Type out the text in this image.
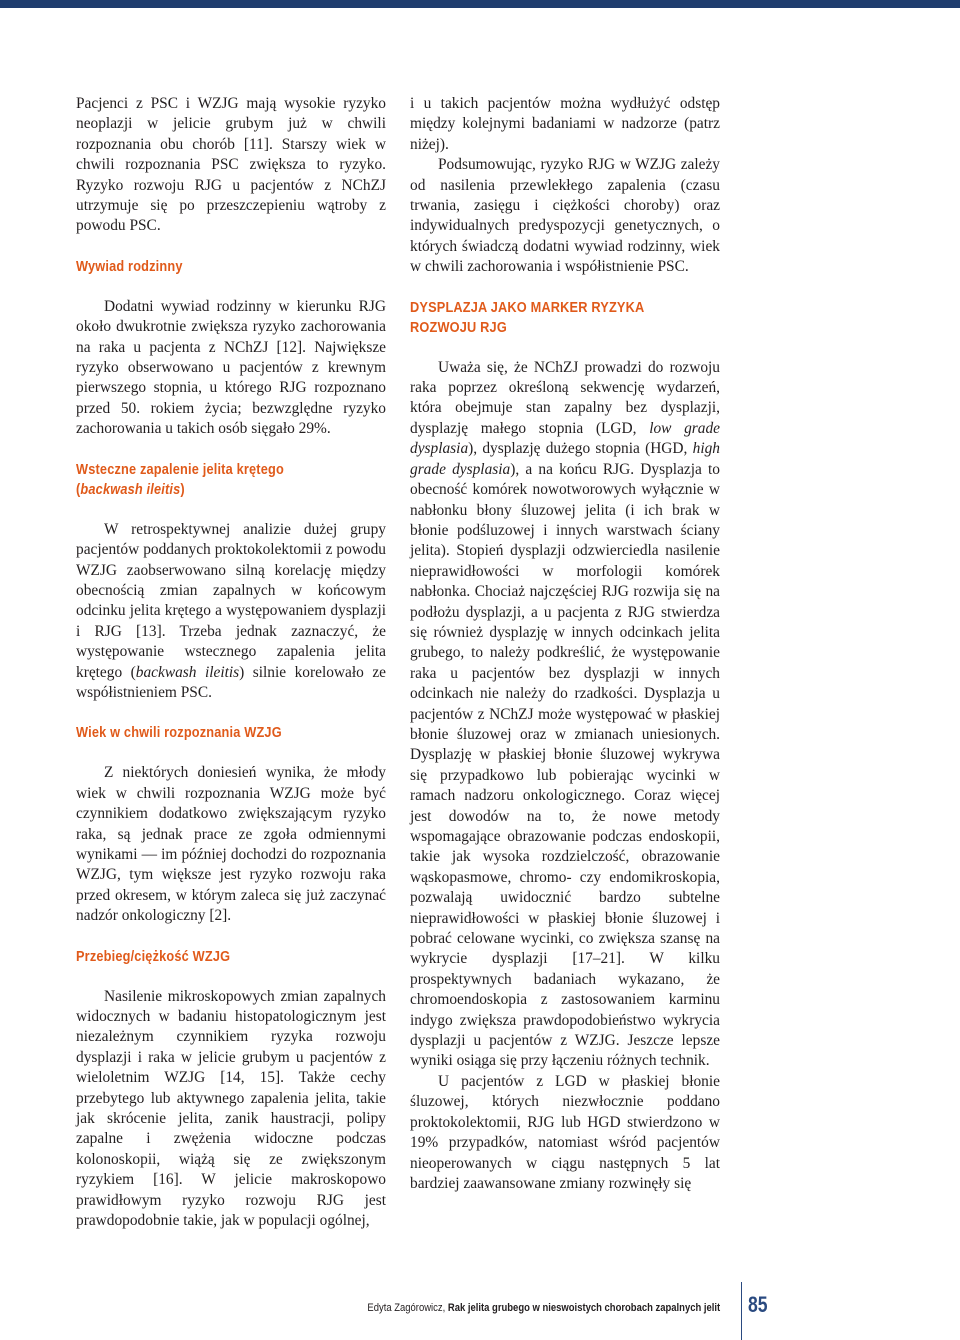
Pacjenci z PSC i WZJG mają wysokie ryzyko neoplazji w jelicie grubym już w chwili rozpoznania obu chorób [11]. Starszy wiek w chwili rozpoznania PSC zwiększa to ryzyko. Ryzyko rozwoju RJG u pacjentów z NChZJ utrzymuje się po przeszczepieniu wątroby z powodu PSC.

Wywiad rodzinny

Dodatni wywiad rodzinny w kierunku RJG około dwukrotnie zwiększa ryzyko zachorowania na raka u pacjenta z NChZJ [12]. Największe ryzyko obserwowano u pacjentów z krewnym pierwszego stopnia, u którego RJG rozpoznano przed 50. rokiem życia; bezwzględne ryzyko zachorowania u takich osób sięgało 29%.

Wsteczne zapalenie jelita krętego
(backwash ileitis)

W retrospektywnej analizie dużej grupy pacjentów poddanych proktokolektomii z powodu WZJG zaobserwowano silną korelację między obecnością zmian zapalnych w końcowym odcinku jelita krętego a występowaniem dysplazji i RJG [13]. Trzeba jednak zaznaczyć, że występowanie wstecznego zapalenia jelita krętego (backwash ileitis) silnie korelowało ze współistnieniem PSC.

Wiek w chwili rozpoznania WZJG

Z niektórych doniesień wynika, że młody wiek w chwili rozpoznania WZJG może być czynnikiem dodatkowo zwiększającym ryzyko raka, są jednak prace ze zgoła odmiennymi wynikami — im później dochodzi do rozpoznania WZJG, tym większe jest ryzyko rozwoju raka przed okresem, w którym zaleca się już zaczynać nadzór onkologiczny [2].

Przebieg/ciężkość WZJG

Nasilenie mikroskopowych zmian zapalnych widocznych w badaniu histopatologicznym jest niezależnym czynnikiem ryzyka rozwoju dysplazji i raka w jelicie grubym u pacjentów z wieloletnim WZJG [14, 15]. Także cechy przebytego lub aktywnego zapalenia jelita, takie jak skrócenie jelita, zanik haustracji, polipy zapalne i zwężenia widoczne podczas kolonoskopii, wiążą się ze zwiększonym ryzykiem [16]. W jelicie makroskopowo prawidłowym ryzyko rozwoju RJG jest prawdopodobnie takie, jak w populacji ogólnej,

i u takich pacjentów można wydłużyć odstęp między kolejnymi badaniami w nadzorze (patrz niżej).

Podsumowując, ryzyko RJG w WZJG zależy od nasilenia przewlekłego zapalenia (czasu trwania, zasięgu i ciężkości choroby) oraz indywidualnych predyspozycji genetycznych, o których świadczą dodatni wywiad rodzinny, wiek w chwili zachorowania i współistnienie PSC.

DYSPLAZJA JAKO MARKER RYZYKA
ROZWOJU RJG

Uważa się, że NChZJ prowadzi do rozwoju raka poprzez określoną sekwencję wydarzeń, która obejmuje stan zapalny bez dysplazji, dysplazję małego stopnia (LGD, low grade dysplasia), dysplazję dużego stopnia (HGD, high grade dysplasia), a na końcu RJG. Dysplazja to obecność komórek nowotworowych wyłącznie w nabłonku błony śluzowej jelita (i ich brak w błonie podśluzowej i innych warstwach ściany jelita). Stopień dysplazji odzwierciedla nasilenie nieprawidłowości w morfologii komórek nabłonka. Chociaż najczęściej RJG rozwija się na podłożu dysplazji, a u pacjenta z RJG stwierdza się również dysplazję w innych odcinkach jelita grubego, to należy podkreślić, że występowanie raka u pacjentów bez dysplazji w innych odcinkach nie należy do rzadkości. Dysplazja u pacjentów z NChZJ może występować w płaskiej błonie śluzowej oraz w zmianach uniesionych. Dysplazję w płaskiej błonie śluzowej wykrywa się przypadkowo lub pobierając wycinki w ramach nadzoru onkologicznego. Coraz więcej jest dowodów na to, że nowe metody wspomagające obrazowanie podczas endoskopii, takie jak wysoka rozdzielczość, obrazowanie wąskopasmowe, chromo- czy endomikroskopia, pozwalają uwidocznić bardzo subtelne nieprawidłowości w płaskiej błonie śluzowej i pobrać celowane wycinki, co zwiększa szansę na wykrycie dysplazji [17–21]. W kilku prospektywnych badaniach wykazano, że chromoendoskopia z zastosowaniem karminu indygo zwiększa prawdopodobieństwo wykrycia dysplazji u pacjentów z WZJG. Jeszcze lepsze wyniki osiąga się przy łączeniu różnych technik.

U pacjentów z LGD w płaskiej błonie śluzowej, których niezwłocznie poddano proktokolektomii, RJG lub HGD stwierdzono w 19% przypadków, natomiast wśród pacjentów nieoperowanych w ciągu następnych 5 lat bardziej zaawansowane zmiany rozwinęły się

Edyta Zagórowicz, Rak jelita grubego w nieswoistych chorobach zapalnych jelit 85
